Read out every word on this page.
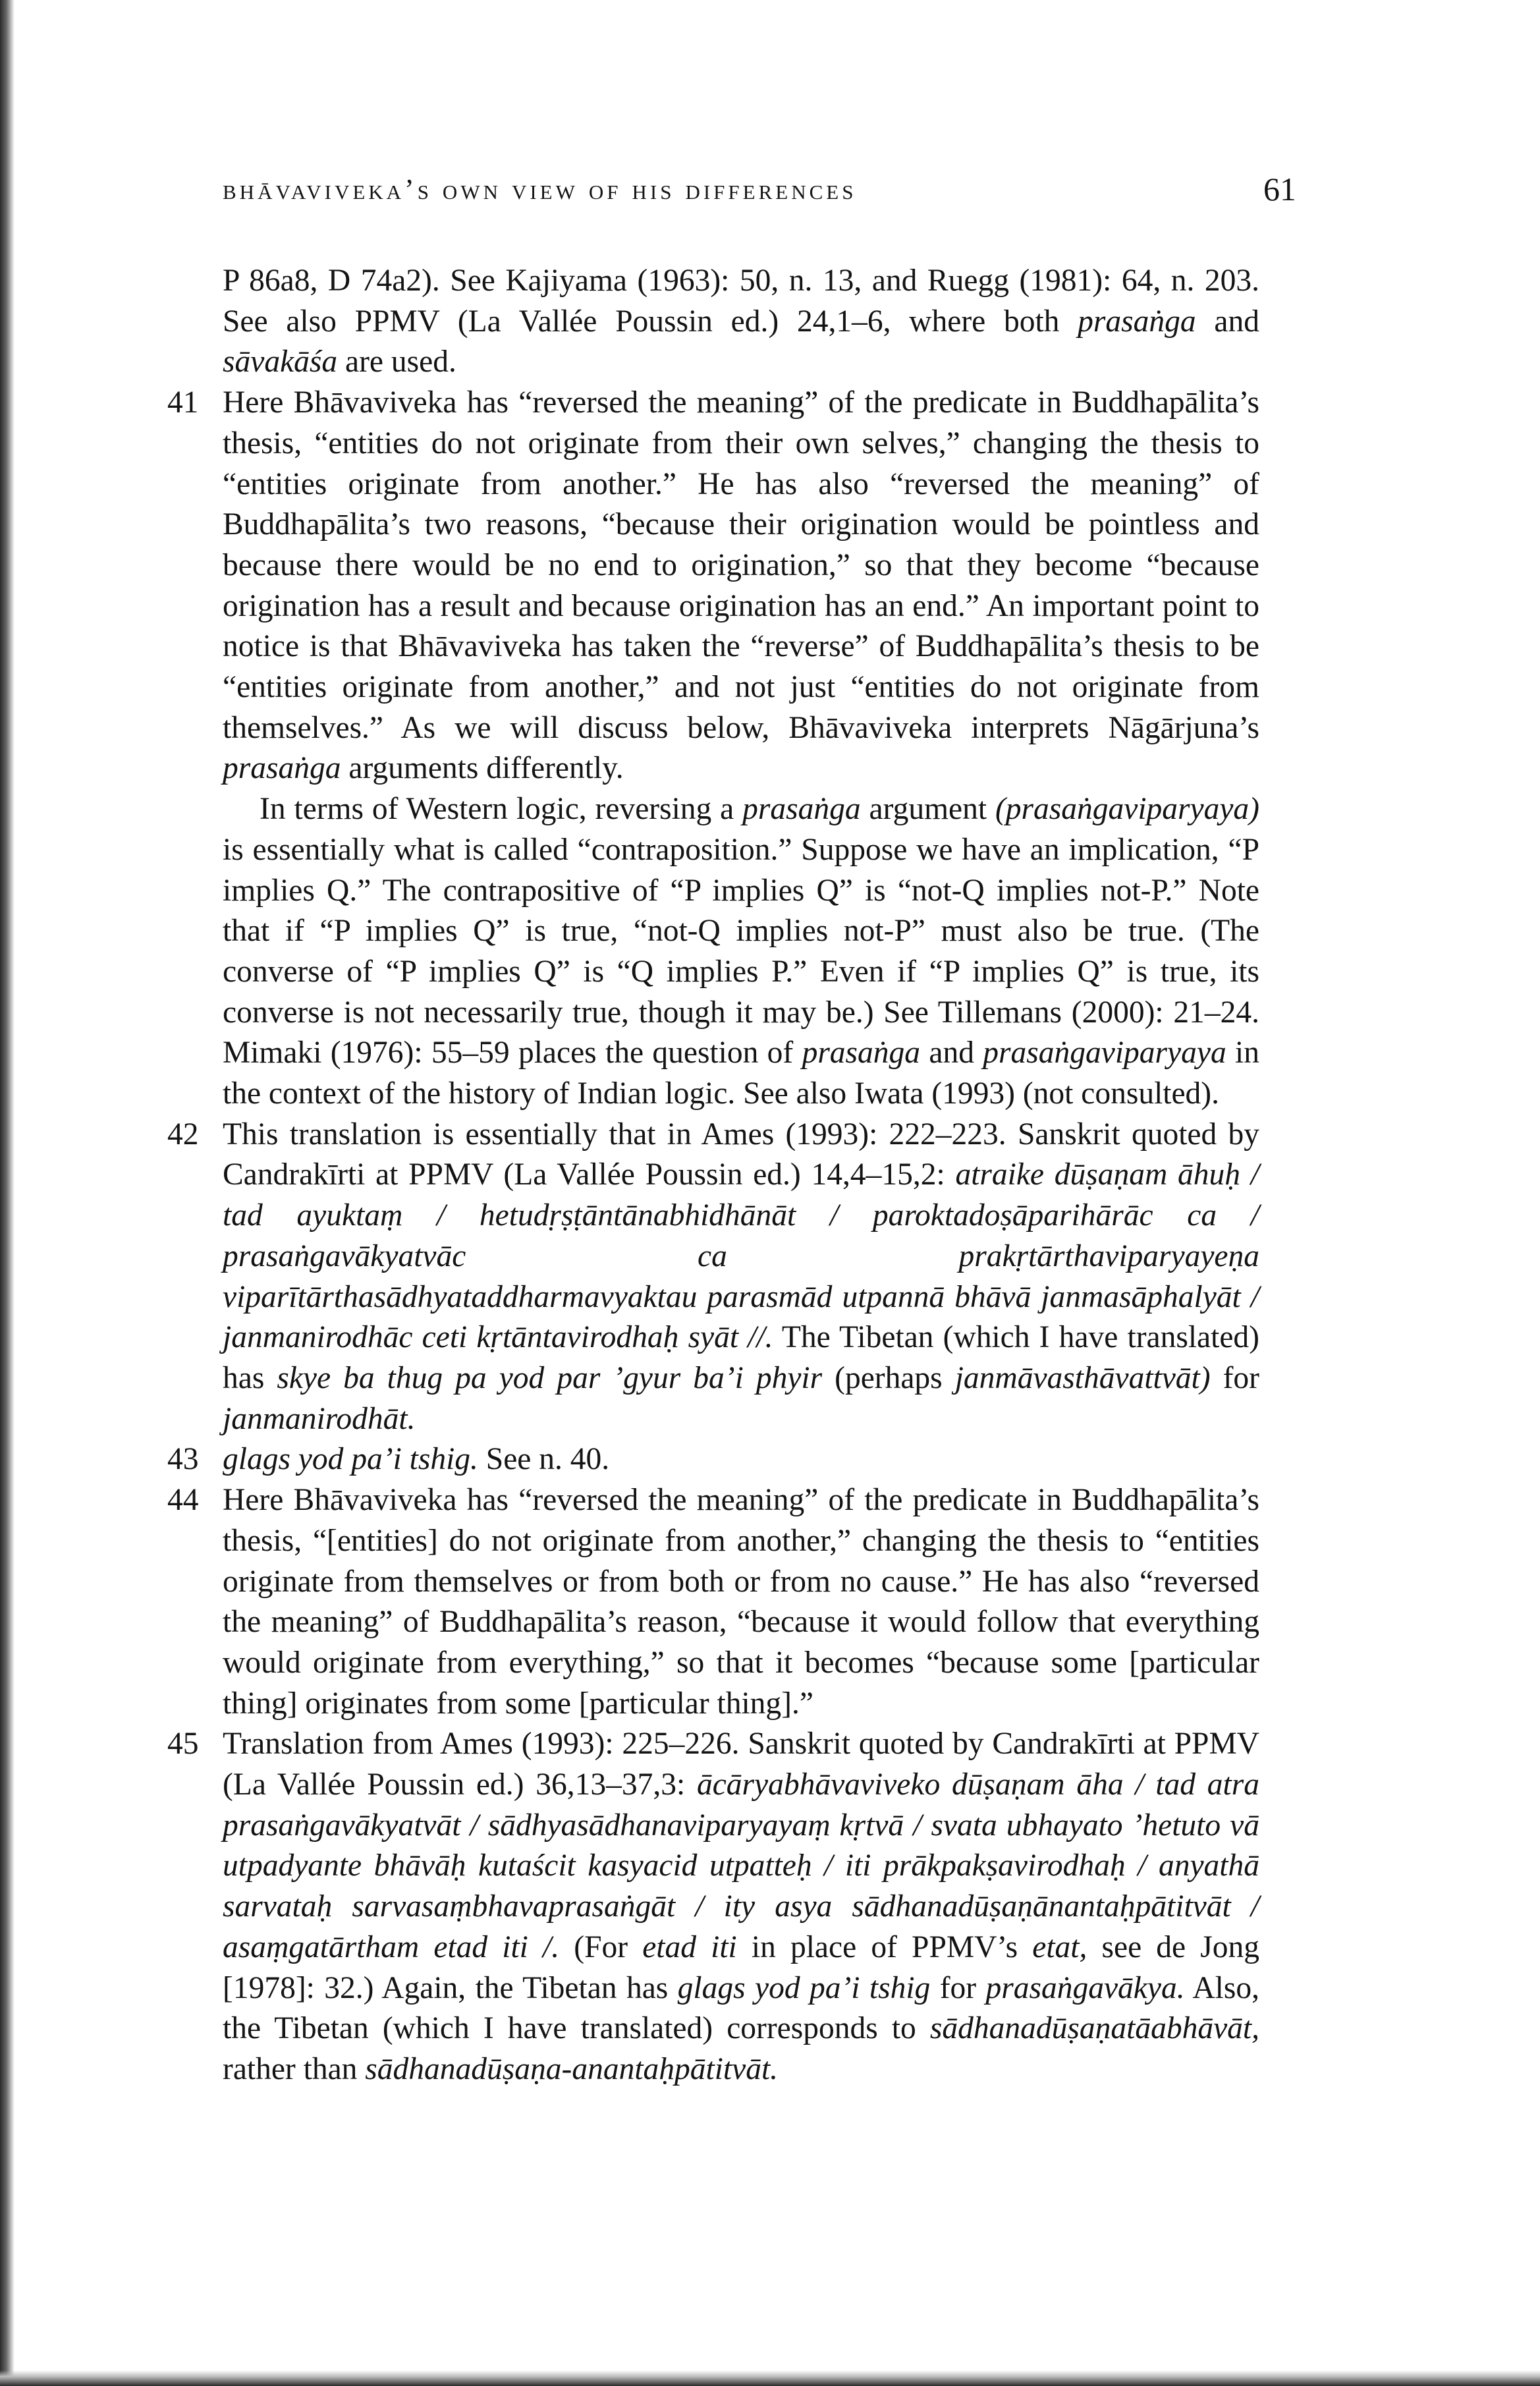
bhāvaviveka’s own view of his differences	61

P 86a8, D 74a2). See Kajiyama (1963): 50, n. 13, and Ruegg (1981): 64, n. 203. See also PPMV (La Vallée Poussin ed.) 24,1–6, where both prasaṅga and sāvakāśa are used.

41 Here Bhāvaviveka has “reversed the meaning” of the predicate in Buddhapālita’s thesis, “entities do not originate from their own selves,” changing the thesis to “entities originate from another.” He has also “reversed the meaning” of Buddhapālita’s two reasons, “because their origination would be pointless and because there would be no end to origination,” so that they become “because origination has a result and because origination has an end.” An important point to notice is that Bhāvaviveka has taken the “reverse” of Buddhapālita’s thesis to be “entities originate from another,” and not just “entities do not originate from themselves.” As we will discuss below, Bhāvaviveka interprets Nāgārjuna’s prasaṅga arguments differently.

In terms of Western logic, reversing a prasaṅga argument (prasaṅgaviparyaya) is essentially what is called “contraposition.” Suppose we have an implication, “P implies Q.” The contrapositive of “P implies Q” is “not-Q implies not-P.” Note that if “P implies Q” is true, “not-Q implies not-P” must also be true. (The converse of “P implies Q” is “Q implies P.” Even if “P implies Q” is true, its converse is not necessarily true, though it may be.) See Tillemans (2000): 21–24. Mimaki (1976): 55–59 places the question of prasaṅga and prasaṅgaviparyaya in the context of the history of Indian logic. See also Iwata (1993) (not consulted).

42 This translation is essentially that in Ames (1993): 222–223. Sanskrit quoted by Candrakīrti at PPMV (La Vallée Poussin ed.) 14,4–15,2: atraike dūṣaṇam āhuḥ / tad ayuktaṃ / hetudṛṣṭāntānabhidhānāt / paroktadoṣāparihārāc ca / prasaṅgavākyatvāc ca prakṛtārthaviparyayeṇa viparītārthasādhyataddharmavyaktau parasmād utpannā bhāvā janmasāphalyāt / janmanirodhāc ceti kṛtāntavirodhaḥ syāt //. The Tibetan (which I have translated) has skye ba thug pa yod par ’gyur ba’i phyir (perhaps janmāvasthāvattvāt) for janmanirodhāt.

43 glags yod pa’i tshig. See n. 40.

44 Here Bhāvaviveka has “reversed the meaning” of the predicate in Buddhapālita’s thesis, “[entities] do not originate from another,” changing the thesis to “entities originate from themselves or from both or from no cause.” He has also “reversed the meaning” of Buddhapālita’s reason, “because it would follow that everything would originate from everything,” so that it becomes “because some [particular thing] originates from some [particular thing].”

45 Translation from Ames (1993): 225–226. Sanskrit quoted by Candrakīrti at PPMV (La Vallée Poussin ed.) 36,13–37,3: ācāryabhāvaviveko dūṣaṇam āha / tad atra prasaṅgavākyatvāt / sādhyasādhanaviparyayaṃ kṛtvā / svata ubhayato ’hetuto vā utpadyante bhāvāḥ kutaścit kasyacid utpatteḥ / iti prākpakṣavirodhaḥ / anyathā sarvataḥ sarvasaṃbhavaprasaṅgāt / ity asya sādhanadūṣaṇānantaḥpātitvāt / asaṃgatārtham etad iti /. (For etad iti in place of PPMV’s etat, see de Jong [1978]: 32.) Again, the Tibetan has glags yod pa’i tshig for prasaṅgavākya. Also, the Tibetan (which I have translated) corresponds to sādhanadūṣaṇatāabhāvāt, rather than sādhanadūṣaṇa-anantaḥpātitvāt.
